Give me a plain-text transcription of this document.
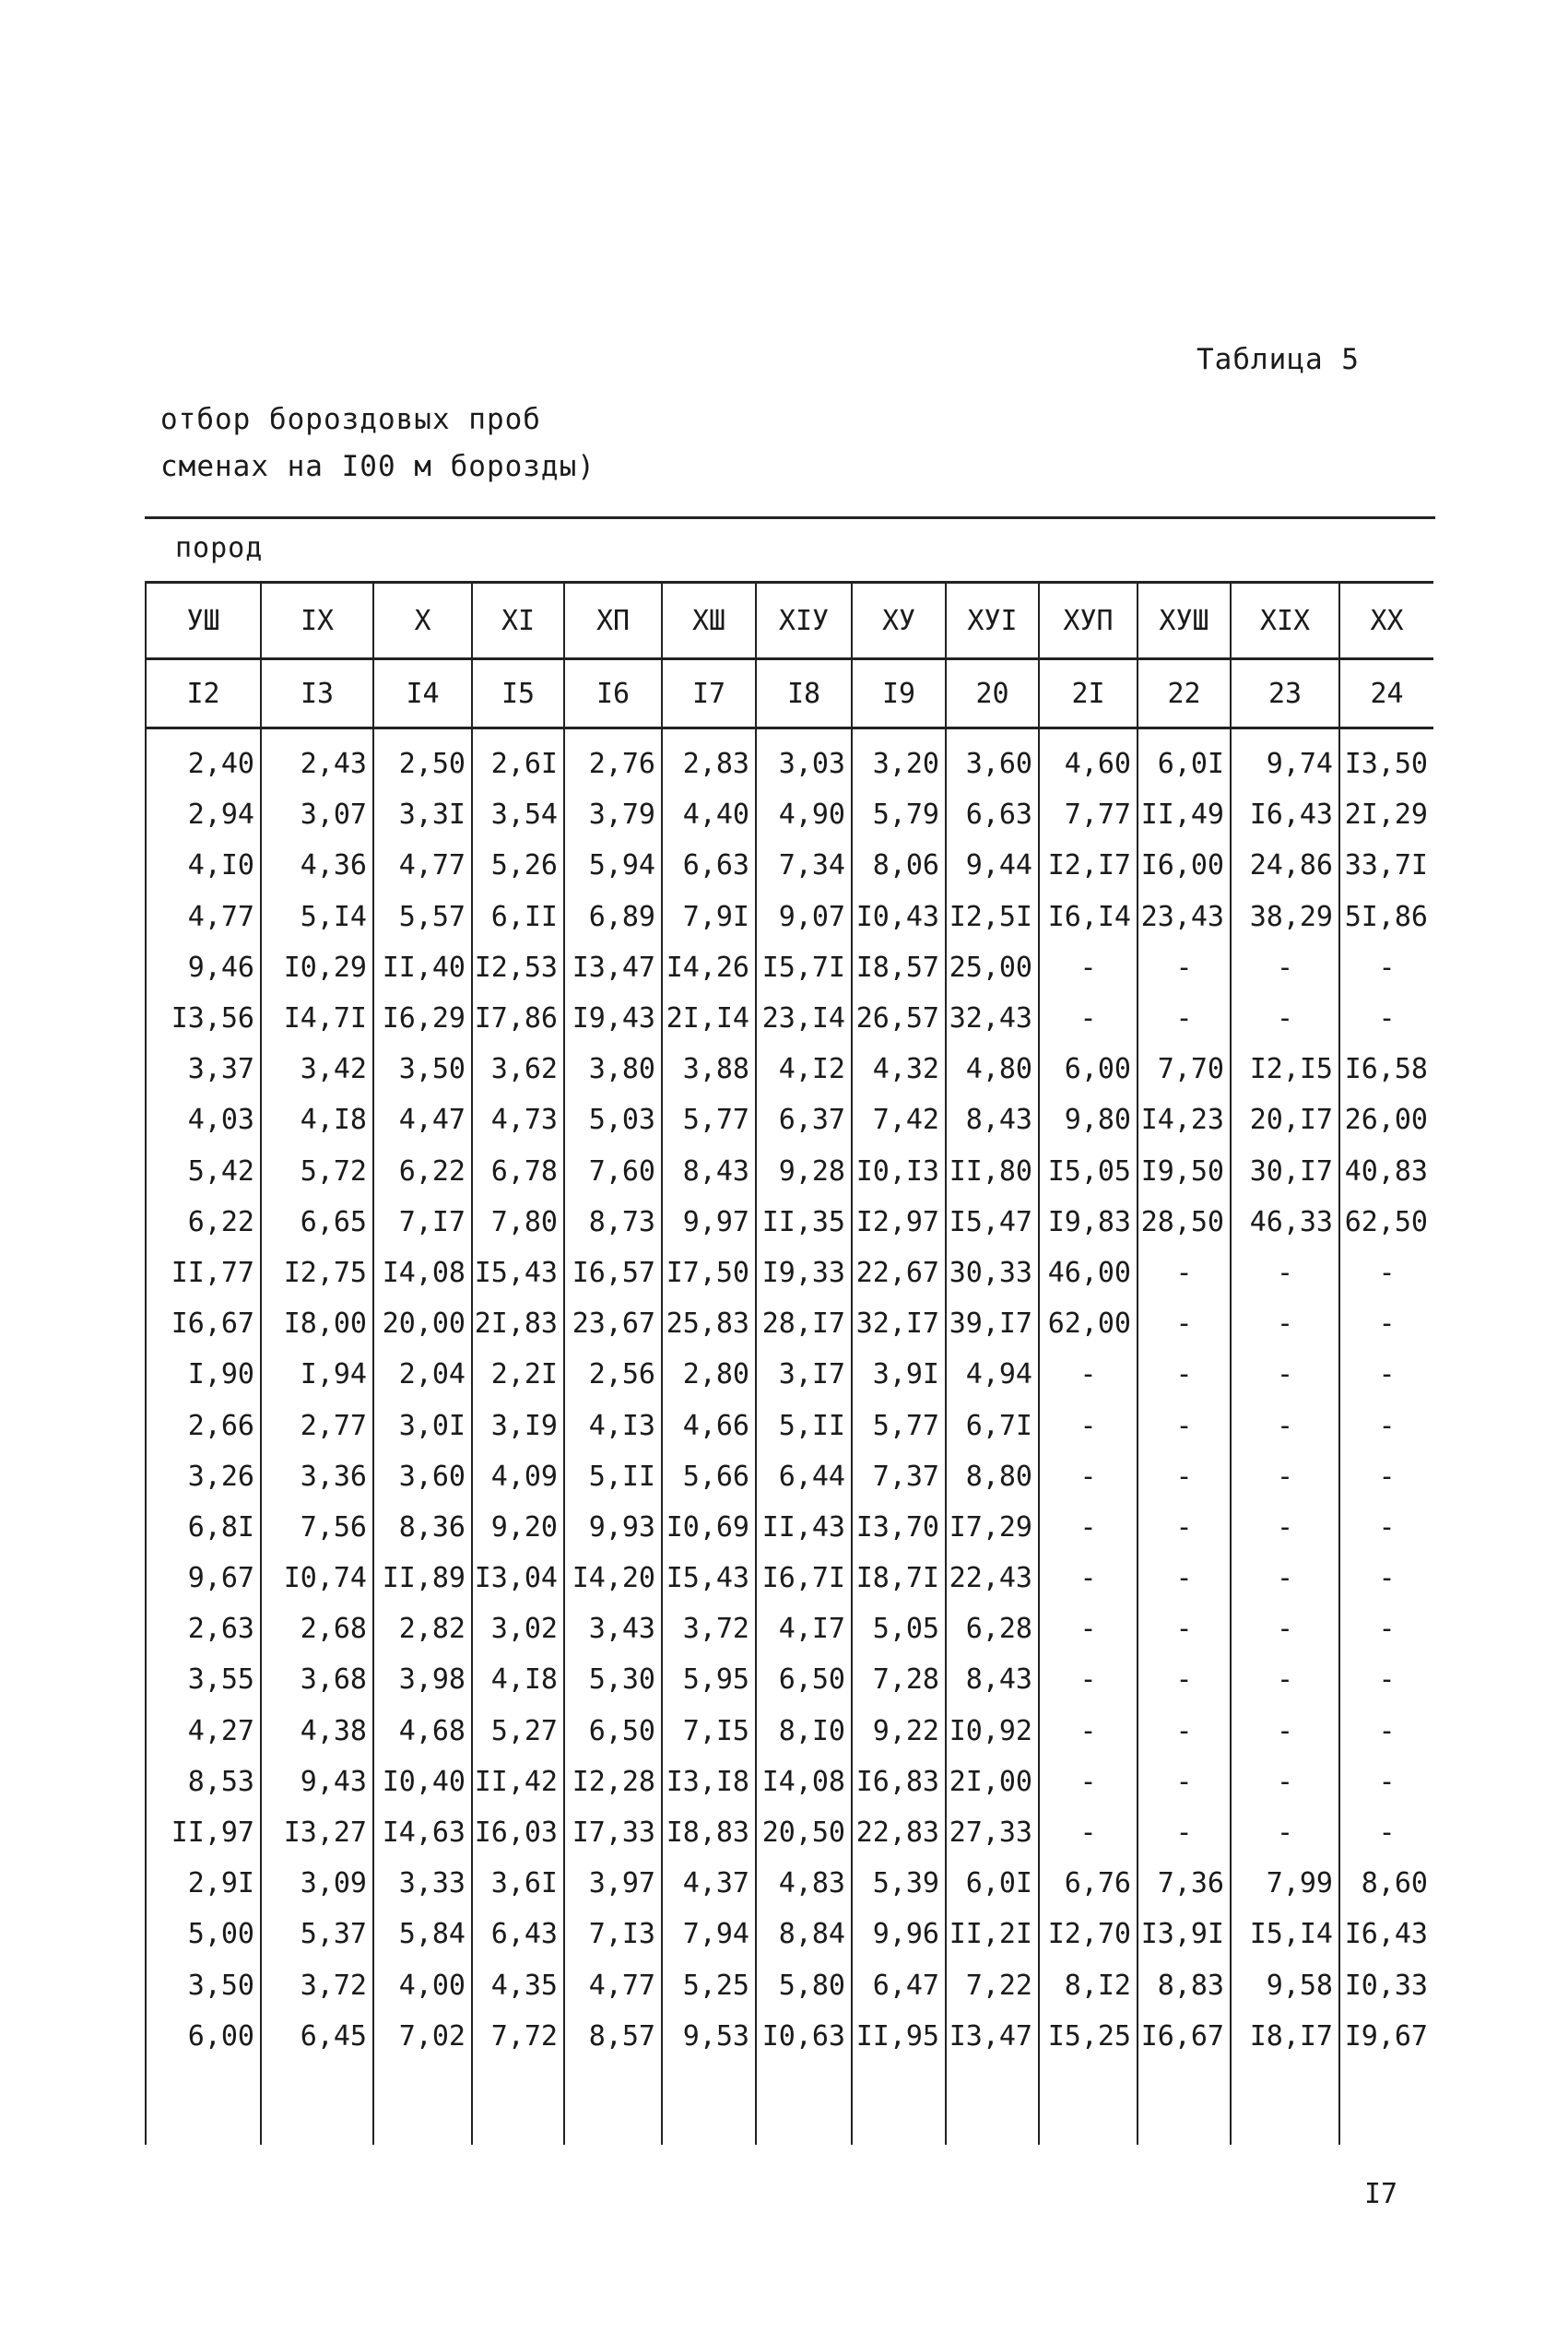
Таблица 5
отбор бороздовых проб
сменах на I00 м борозды)
пород
УШ	IX	X	XI	XП	XШ	XIУ	XУ	XУI	XУП	XУШ	XIX	XX
I2	I3	I4	I5	I6	I7	I8	I9	20	2I	22	23	24
2,40	2,43	2,50	2,6I	2,76	2,83	3,03	3,20	3,60	4,60	6,0I	9,74	I3,50
2,94	3,07	3,3I	3,54	3,79	4,40	4,90	5,79	6,63	7,77	II,49	I6,43	2I,29
4,I0	4,36	4,77	5,26	5,94	6,63	7,34	8,06	9,44	I2,I7	I6,00	24,86	33,7I
4,77	5,I4	5,57	6,II	6,89	7,9I	9,07	I0,43	I2,5I	I6,I4	23,43	38,29	5I,86
9,46	I0,29	II,40	I2,53	I3,47	I4,26	I5,7I	I8,57	25,00	-	-	-	-
I3,56	I4,7I	I6,29	I7,86	I9,43	2I,I4	23,I4	26,57	32,43	-	-	-	-
3,37	3,42	3,50	3,62	3,80	3,88	4,I2	4,32	4,80	6,00	7,70	I2,I5	I6,58
4,03	4,I8	4,47	4,73	5,03	5,77	6,37	7,42	8,43	9,80	I4,23	20,I7	26,00
5,42	5,72	6,22	6,78	7,60	8,43	9,28	I0,I3	II,80	I5,05	I9,50	30,I7	40,83
6,22	6,65	7,I7	7,80	8,73	9,97	II,35	I2,97	I5,47	I9,83	28,50	46,33	62,50
II,77	I2,75	I4,08	I5,43	I6,57	I7,50	I9,33	22,67	30,33	46,00	-	-	-
I6,67	I8,00	20,00	2I,83	23,67	25,83	28,I7	32,I7	39,I7	62,00	-	-	-
I,90	I,94	2,04	2,2I	2,56	2,80	3,I7	3,9I	4,94	-	-	-	-
2,66	2,77	3,0I	3,I9	4,I3	4,66	5,II	5,77	6,7I	-	-	-	-
3,26	3,36	3,60	4,09	5,II	5,66	6,44	7,37	8,80	-	-	-	-
6,8I	7,56	8,36	9,20	9,93	I0,69	II,43	I3,70	I7,29	-	-	-	-
9,67	I0,74	II,89	I3,04	I4,20	I5,43	I6,7I	I8,7I	22,43	-	-	-	-
2,63	2,68	2,82	3,02	3,43	3,72	4,I7	5,05	6,28	-	-	-	-
3,55	3,68	3,98	4,I8	5,30	5,95	6,50	7,28	8,43	-	-	-	-
4,27	4,38	4,68	5,27	6,50	7,I5	8,I0	9,22	I0,92	-	-	-	-
8,53	9,43	I0,40	II,42	I2,28	I3,I8	I4,08	I6,83	2I,00	-	-	-	-
II,97	I3,27	I4,63	I6,03	I7,33	I8,83	20,50	22,83	27,33	-	-	-	-
2,9I	3,09	3,33	3,6I	3,97	4,37	4,83	5,39	6,0I	6,76	7,36	7,99	8,60
5,00	5,37	5,84	6,43	7,I3	7,94	8,84	9,96	II,2I	I2,70	I3,9I	I5,I4	I6,43
3,50	3,72	4,00	4,35	4,77	5,25	5,80	6,47	7,22	8,I2	8,83	9,58	I0,33
6,00	6,45	7,02	7,72	8,57	9,53	I0,63	II,95	I3,47	I5,25	I6,67	I8,I7	I9,67

I7
